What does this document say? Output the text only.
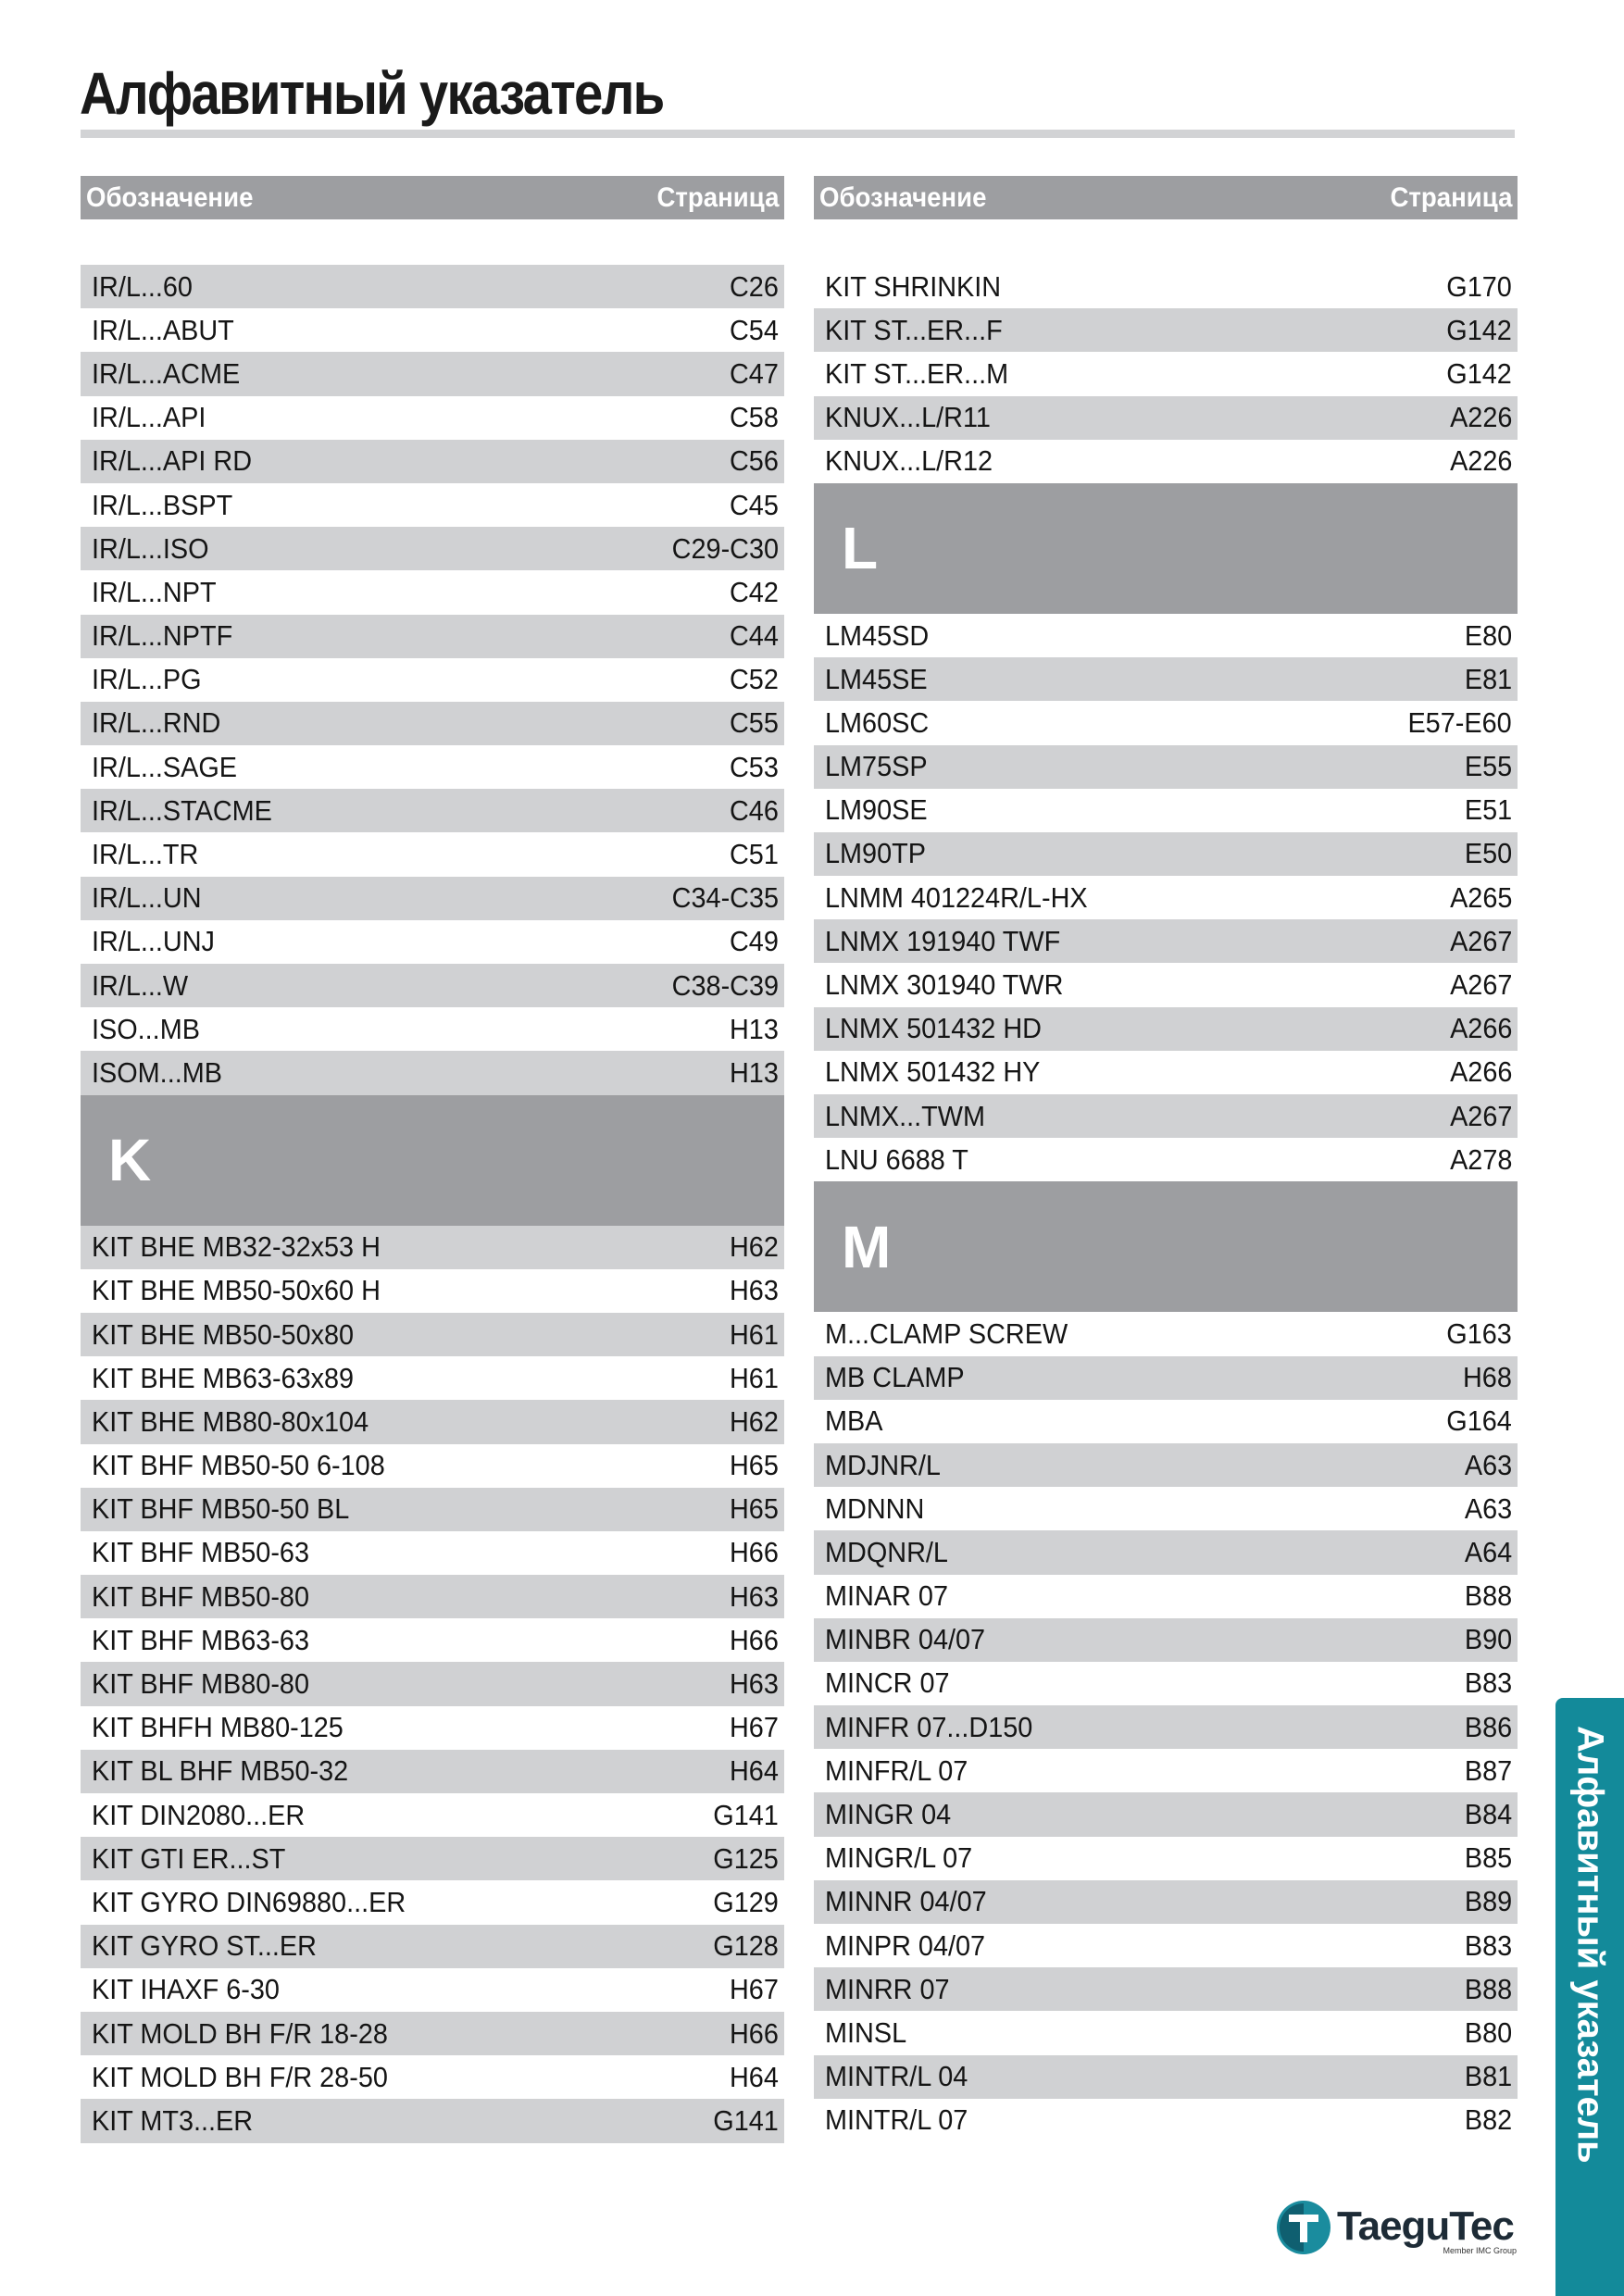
Алфавитный указатель
Обозначение	Страница
IR/L...60	C26
IR/L...ABUT	C54
IR/L...ACME	C47
IR/L...API	C58
IR/L...API RD	C56
IR/L...BSPT	C45
IR/L...ISO	C29-C30
IR/L...NPT	C42
IR/L...NPTF	C44
IR/L...PG	C52
IR/L...RND	C55
IR/L...SAGE	C53
IR/L...STACME	C46
IR/L...TR	C51
IR/L...UN	C34-C35
IR/L...UNJ	C49
IR/L...W	C38-C39
ISO...MB	H13
ISOM...MB	H13
K
KIT BHE MB32-32x53 H	H62
KIT BHE MB50-50x60 H	H63
KIT BHE MB50-50x80	H61
KIT BHE MB63-63x89	H61
KIT BHE MB80-80x104	H62
KIT BHF MB50-50 6-108	H65
KIT BHF MB50-50 BL	H65
KIT BHF MB50-63	H66
KIT BHF MB50-80	H63
KIT BHF MB63-63	H66
KIT BHF MB80-80	H63
KIT BHFH MB80-125	H67
KIT BL BHF MB50-32	H64
KIT DIN2080...ER	G141
KIT GTI ER...ST	G125
KIT GYRO DIN69880...ER	G129
KIT GYRO ST...ER	G128
KIT IHAXF 6-30	H67
KIT MOLD BH F/R 18-28	H66
KIT MOLD BH F/R 28-50	H64
KIT MT3...ER	G141
Обозначение	Страница
KIT SHRINKIN	G170
KIT ST...ER...F	G142
KIT ST...ER...M	G142
KNUX...L/R11	A226
KNUX...L/R12	A226
L
LM45SD	E80
LM45SE	E81
LM60SC	E57-E60
LM75SP	E55
LM90SE	E51
LM90TP	E50
LNMM 401224R/L-HX	A265
LNMX 191940 TWF	A267
LNMX 301940 TWR	A267
LNMX 501432 HD	A266
LNMX 501432 HY	A266
LNMX...TWM	A267
LNU 6688 T	A278
M
M...CLAMP SCREW	G163
MB CLAMP	H68
MBA	G164
MDJNR/L	A63
MDNNN	A63
MDQNR/L	A64
MINAR 07	B88
MINBR 04/07	B90
MINCR 07	B83
MINFR 07...D150	B86
MINFR/L 07	B87
MINGR 04	B84
MINGR/L 07	B85
MINNR 04/07	B89
MINPR 04/07	B83
MINRR 07	B88
MINSL	B80
MINTR/L 04	B81
MINTR/L 07	B82 Алфавитный указатель
TaeguTec
Member IMC Group
